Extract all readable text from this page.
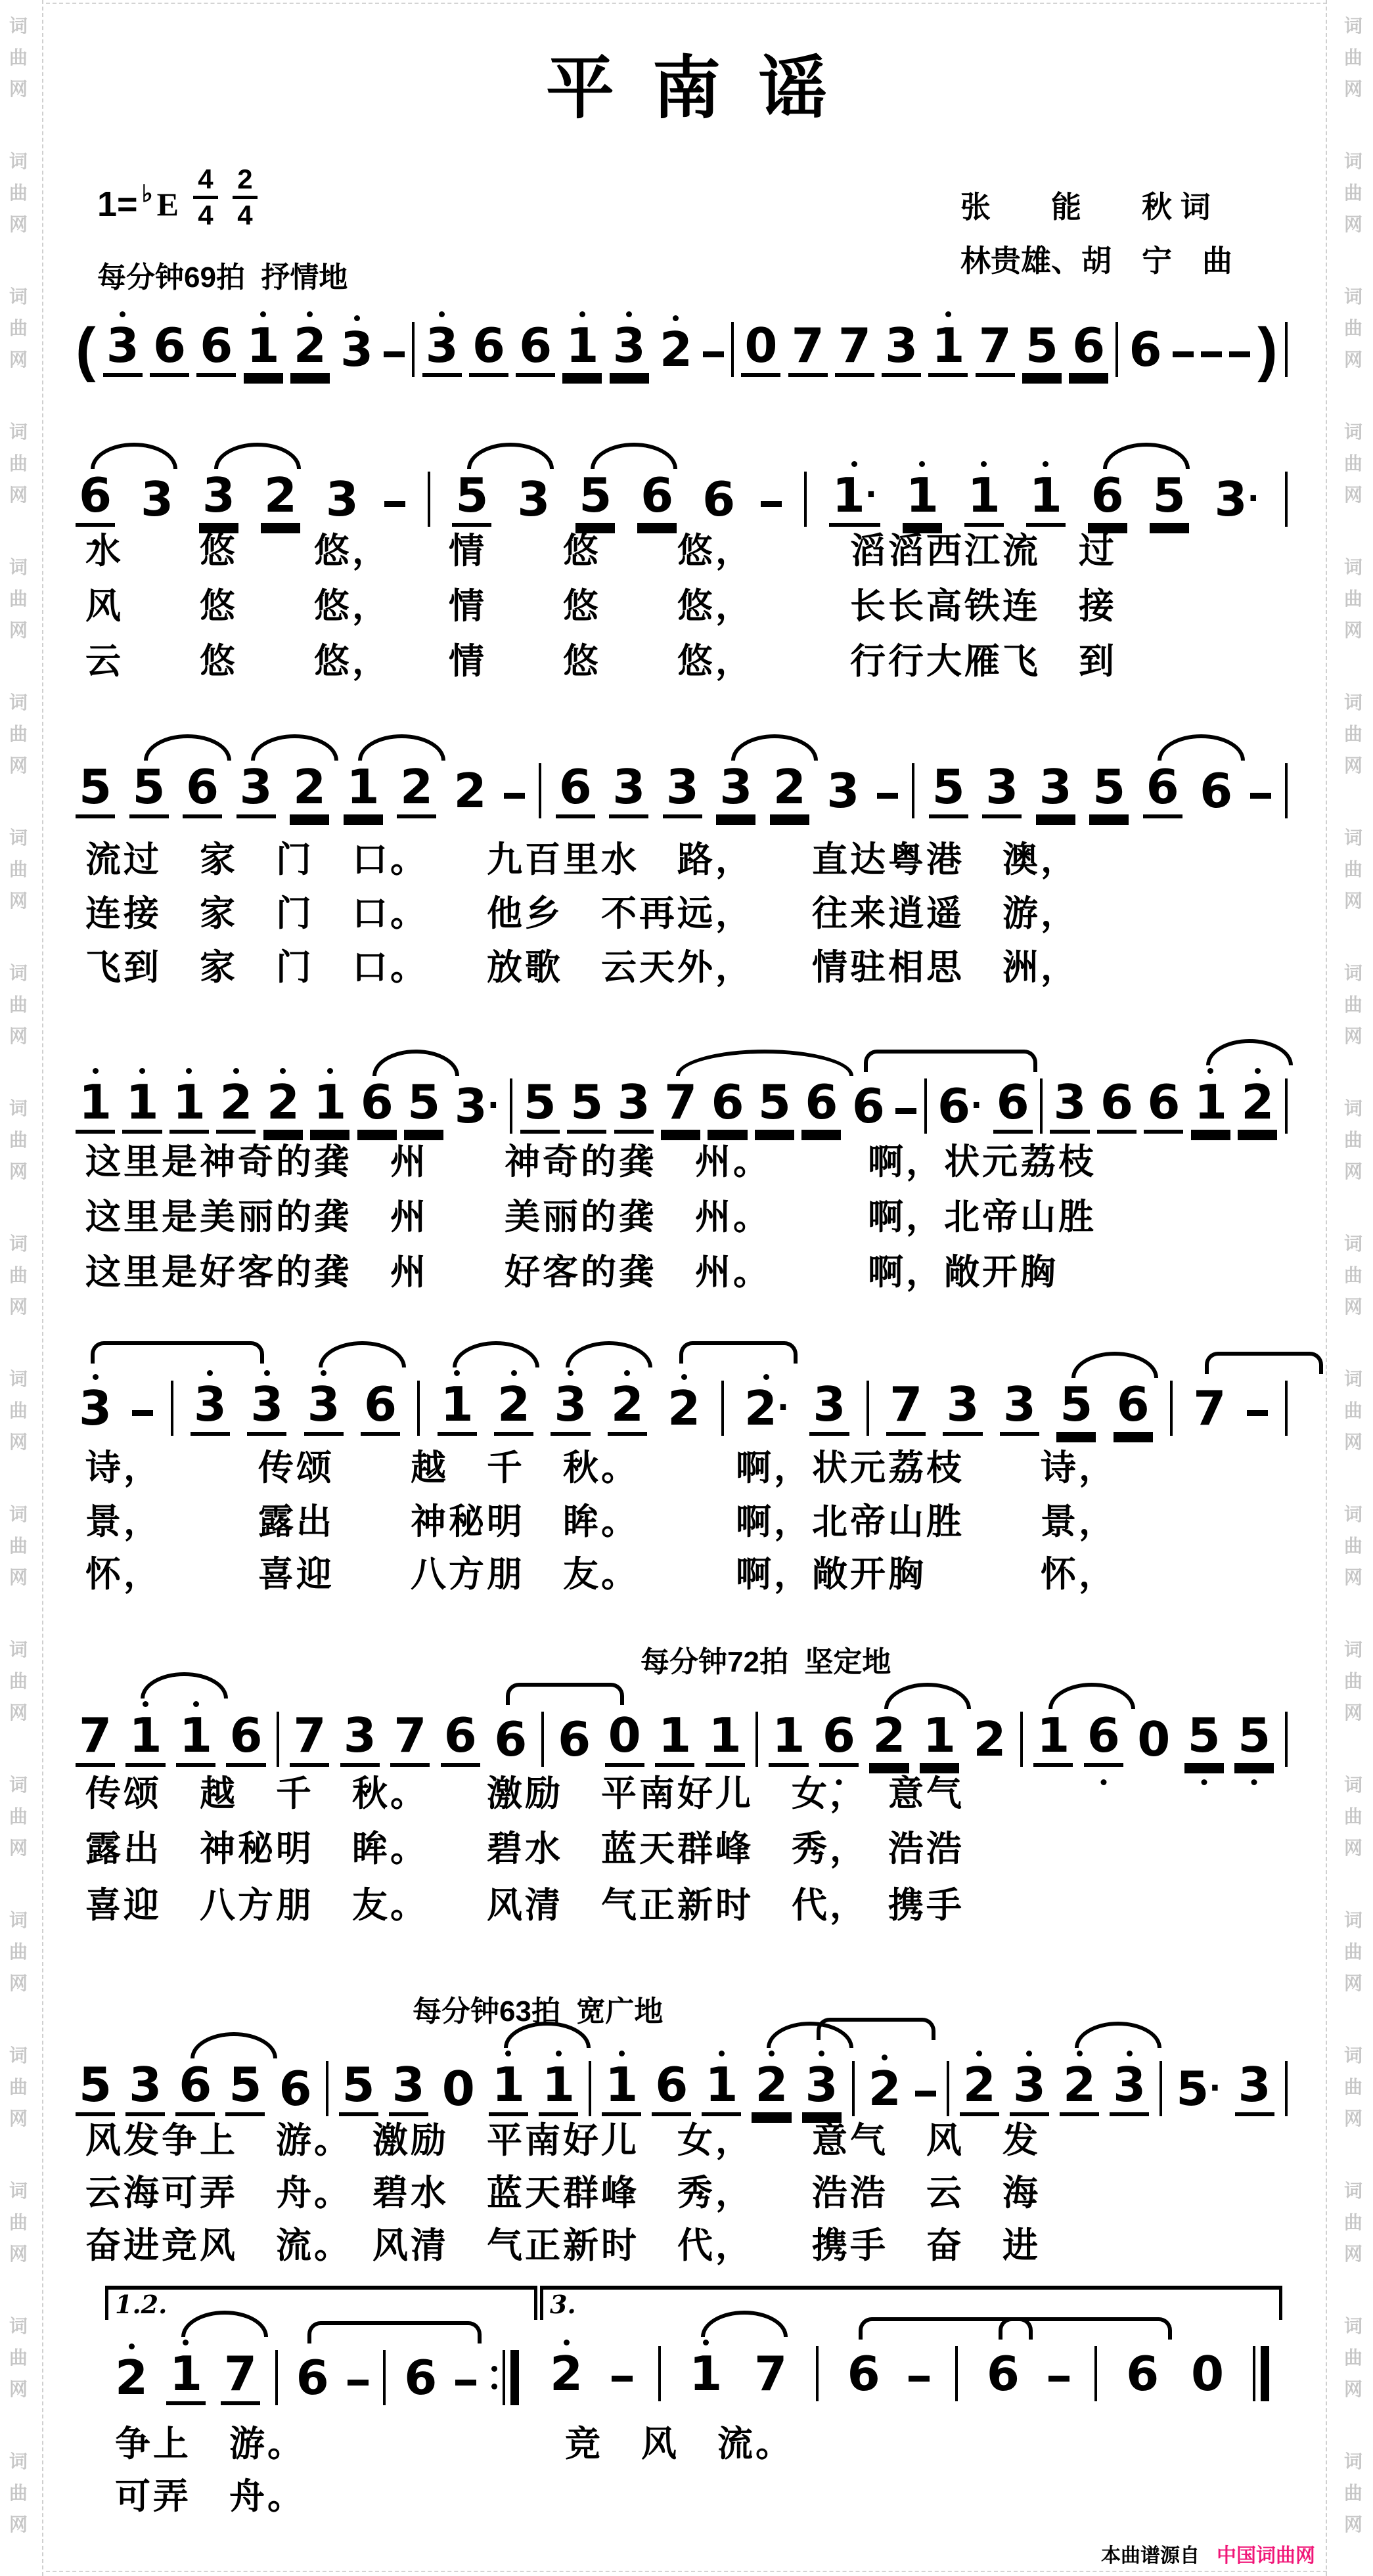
词
曲
网
词
曲
网
词
曲
网
词
曲
网
词
曲
网
词
曲
网
词
曲
网
词
曲
网
词
曲
网
词
曲
网
词
曲
网
词
曲
网
词
曲
网
词
曲
网
词
曲
网
词
曲
网
词
曲
网
词
曲
网
词
曲
网
词
曲
网
词
曲
网
词
曲
网
词
曲
网
词
曲
网
词
曲
网
词
曲
网
词
曲
网
词
曲
网
词
曲
网
词
曲
网
词
曲
网
词
曲
网
词
曲
网
词
曲
网
词
曲
网
词
曲
网
词
曲
网
词
曲
网
平南谣
1= ♭ E
4
4
2
4
每分钟69拍  抒情地
张　　能　　秋 词
林贵雄、胡　宁　曲
( 3 6 6 1 2 3 3 6 6 1 3 2 0 7 7 3 1 7 5 6 6 )
6 3 3 2 3 5 3 5 6 6 1· 1 1 1 6 5 3·
5 5 6 3 2 1 2 2 6 3 3 3 2 3 5 3 3 5 6 6
1 1 1 2 2 1 6 5 3· 5 5 3 7 6 5 6 6 6· 6 3 6 6 1 2
3 3 3 3 6 1 2 3 2 2 2· 3 7 3 3 5 6 7
7 1 1 6 7 3 7 6 6 6 0 1 1 1 6 2 1 2 1 6 0 5 5
5 3 6 5 6 5 3 0 1 1 1 6 1 2 3 2 2 3 2 3 5· 3
每分钟72拍  坚定地
每分钟63拍  宽广地
1.2.	3.
2 1 7 6 6 2 1 7 6 6 6 0
水　　悠　　悠，　　情　　悠　　悠，　　　滔滔西江流　过
风　　悠　　悠，　　情　　悠　　悠，　　　长长高铁连　接
云　　悠　　悠，　　情　　悠　　悠，　　　行行大雁飞　到
流过　家　门　口。　　九百里水　路，　　直达粤港　澳，
连接　家　门　口。　　他乡　不再远，　　往来逍遥　游，
飞到　家　门　口。　　放歌　云天外，　　情驻相思　洲，
这里是神奇的龚　州　　神奇的龚　州。　　　啊，状元荔枝
这里是美丽的龚　州　　美丽的龚　州。　　　啊，北帝山胜
这里是好客的龚　州　　好客的龚　州。　　　啊，敞开胸
诗，　　　传颂　　越　千　秋。　　　啊，状元荔枝　　诗，
景，　　　露出　　神秘明　眸。　　　啊，北帝山胜　　景，
怀，　　　喜迎　　八方朋　友。　　　啊，敞开胸　　　怀，
传颂　越　千　秋。　　激励　平南好儿　女，　意气
露出　神秘明　眸。　　碧水　蓝天群峰　秀，　浩浩
喜迎　八方朋　友。　　风清　气正新时　代，　携手
风发争上　游。　激励　平南好儿　女，　　意气　风　发
云海可弄　舟。　碧水　蓝天群峰　秀，　　浩浩　云　海
奋进竞风　流。　风清　气正新时　代，　　携手　奋　进
争上　游。	竞　风　流。
可弄　舟。
本曲谱源自 中国词曲网
